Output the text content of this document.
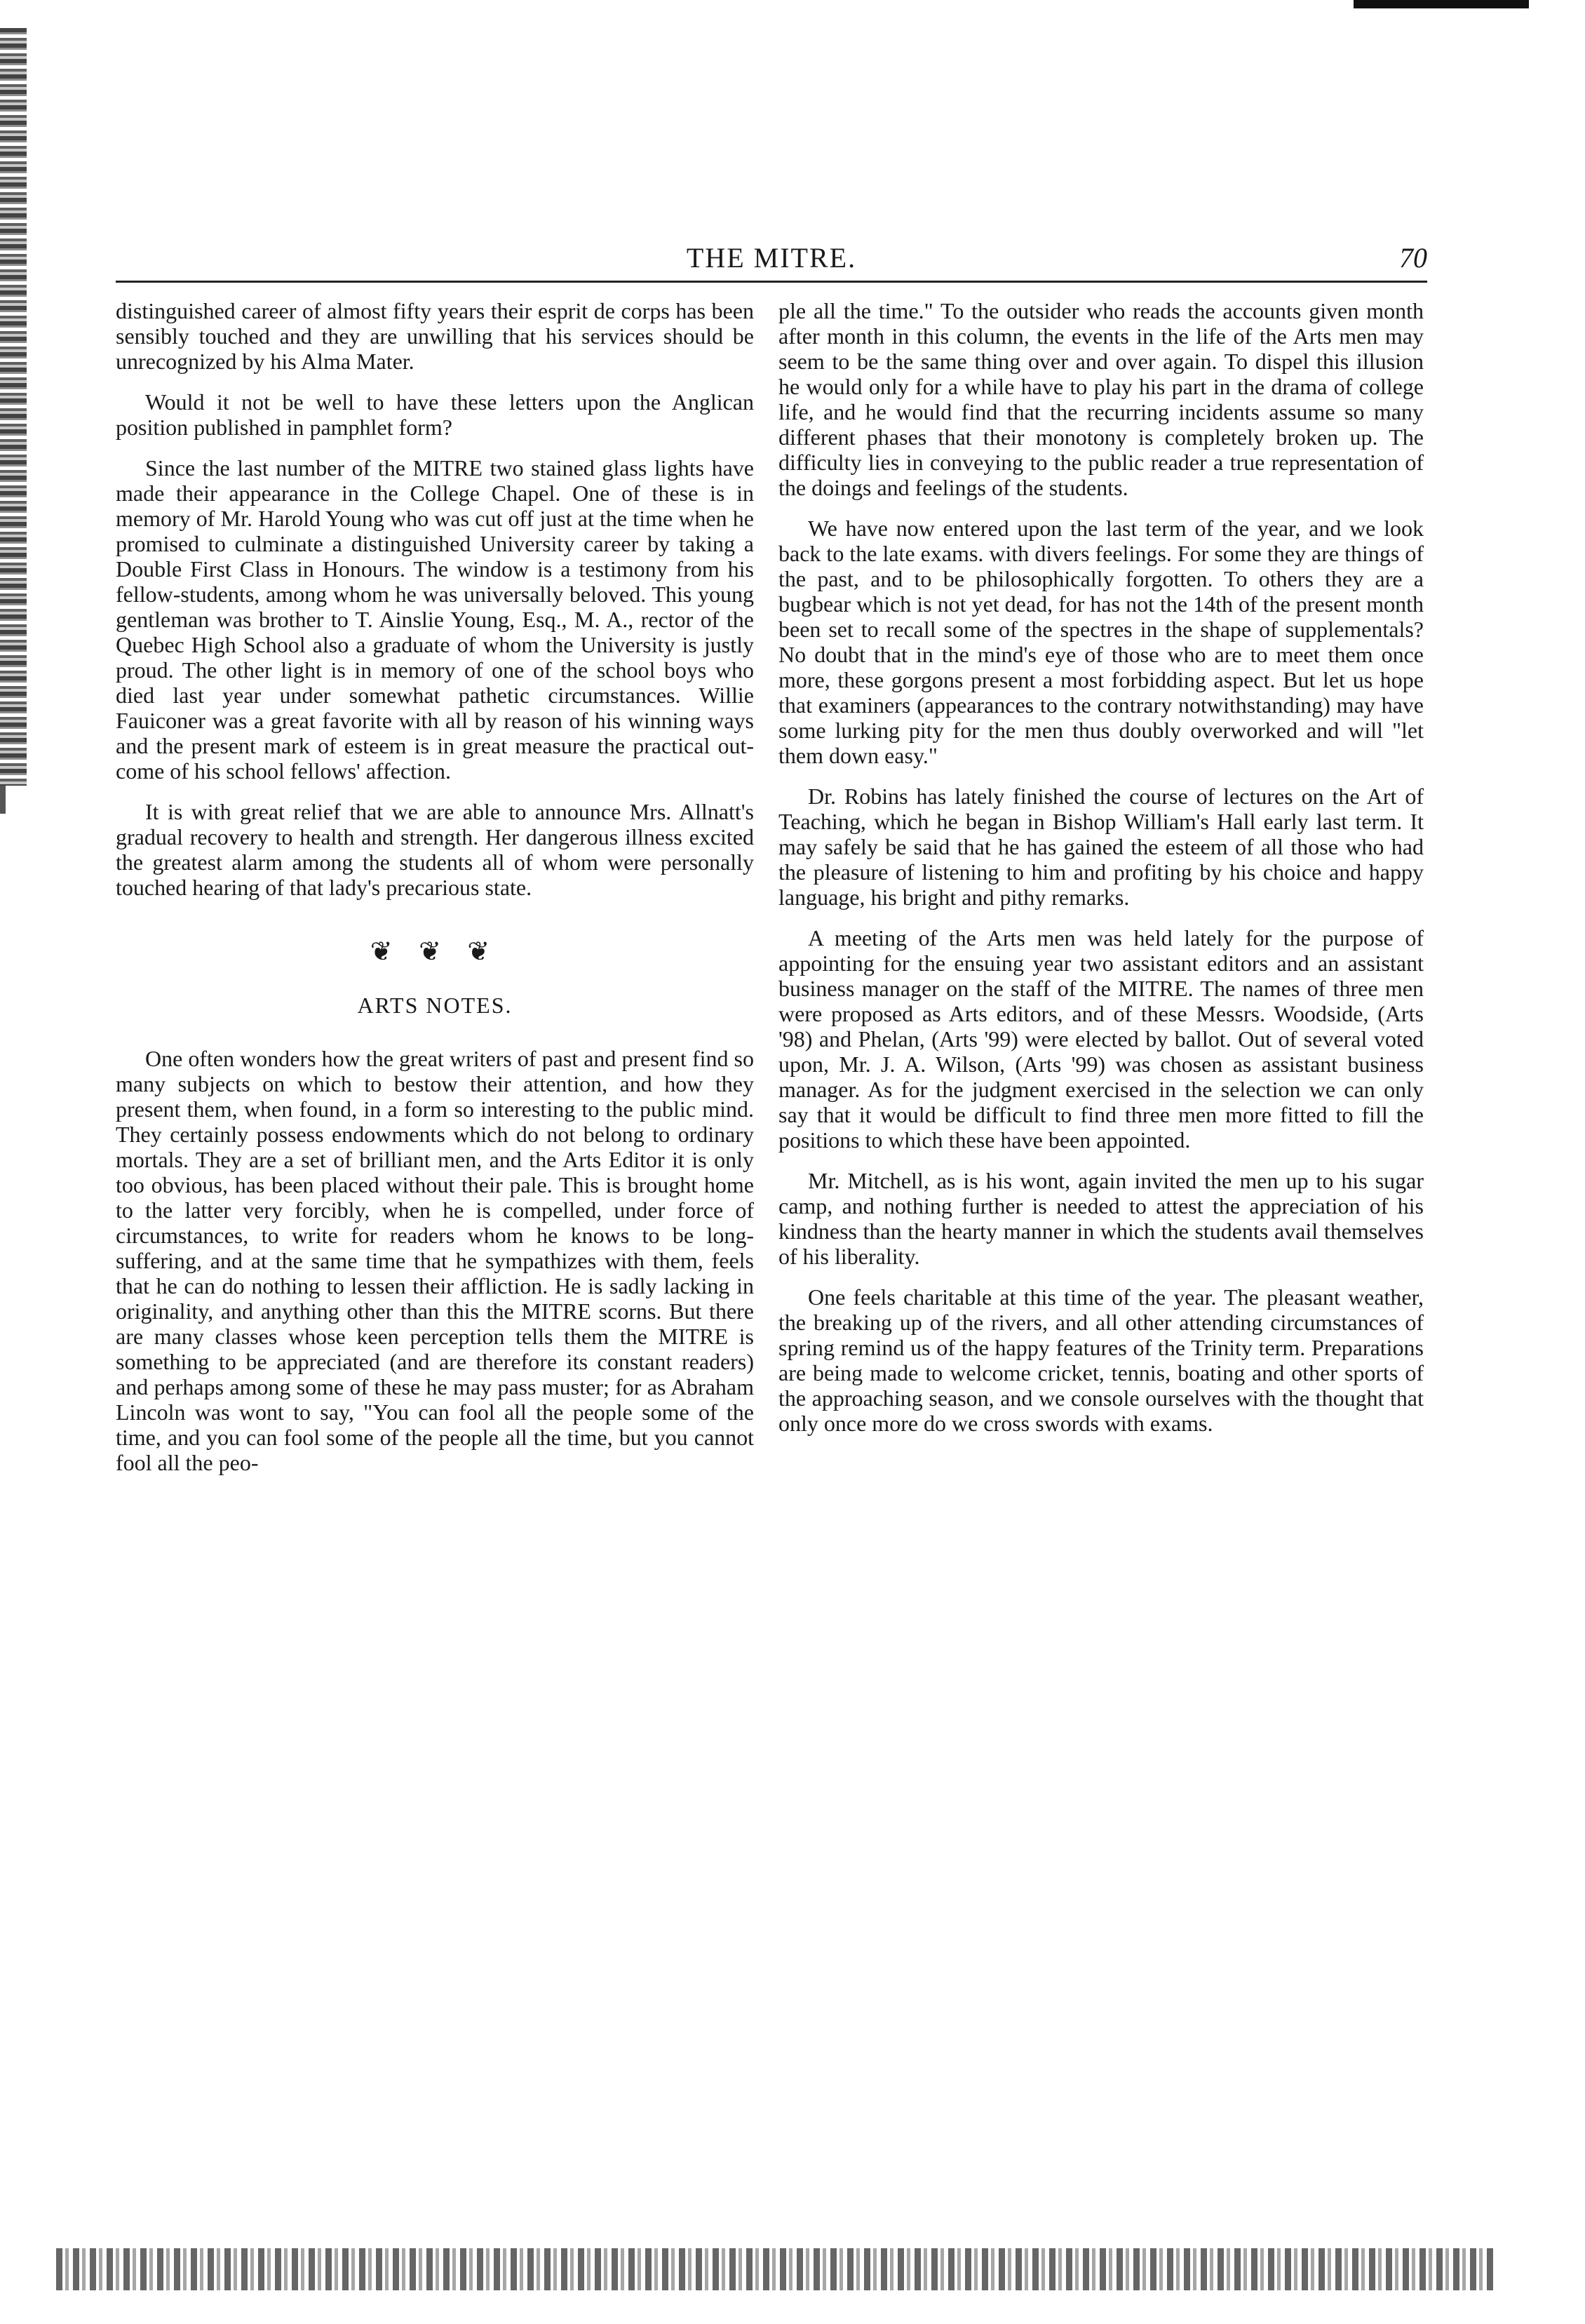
THE MITRE.	70

distinguished career of almost fifty years their esprit de corps has been sensibly touched and they are unwilling that his services should be unrecognized by his Alma Mater.

Would it not be well to have these letters upon the Anglican position published in pamphlet form?

Since the last number of the MITRE two stained glass lights have made their appearance in the College Chapel. One of these is in memory of Mr. Harold Young who was cut off just at the time when he promised to culminate a distinguished University career by taking a Double First Class in Honours. The window is a testimony from his fellow-students, among whom he was universally beloved. This young gentleman was brother to T. Ainslie Young, Esq., M. A., rector of the Quebec High School also a graduate of whom the University is justly proud. The other light is in memory of one of the school boys who died last year under somewhat pathetic circumstances. Willie Fauiconer was a great favorite with all by reason of his winning ways and the present mark of esteem is in great measure the practical out-come of his school fellows' affection.

It is with great relief that we are able to announce Mrs. Allnatt's gradual recovery to health and strength. Her dangerous illness excited the greatest alarm among the students all of whom were personally touched hearing of that lady's precarious state.

❦ ❦ ❦
ARTS NOTES.

One often wonders how the great writers of past and present find so many subjects on which to bestow their attention, and how they present them, when found, in a form so interesting to the public mind. They certainly possess endowments which do not belong to ordinary mortals. They are a set of brilliant men, and the Arts Editor it is only too obvious, has been placed without their pale. This is brought home to the latter very forcibly, when he is compelled, under force of circumstances, to write for readers whom he knows to be long-suffering, and at the same time that he sympathizes with them, feels that he can do nothing to lessen their affliction. He is sadly lacking in originality, and anything other than this the MITRE scorns. But there are many classes whose keen perception tells them the MITRE is something to be appreciated (and are therefore its constant readers) and perhaps among some of these he may pass muster; for as Abraham Lincoln was wont to say, "You can fool all the people some of the time, and you can fool some of the people all the time, but you cannot fool all the peo-

ple all the time." To the outsider who reads the accounts given month after month in this column, the events in the life of the Arts men may seem to be the same thing over and over again. To dispel this illusion he would only for a while have to play his part in the drama of college life, and he would find that the recurring incidents assume so many different phases that their monotony is completely broken up. The difficulty lies in conveying to the public reader a true representation of the doings and feelings of the students.

We have now entered upon the last term of the year, and we look back to the late exams. with divers feelings. For some they are things of the past, and to be philosophically forgotten. To others they are a bugbear which is not yet dead, for has not the 14th of the present month been set to recall some of the spectres in the shape of supplementals? No doubt that in the mind's eye of those who are to meet them once more, these gorgons present a most forbidding aspect. But let us hope that examiners (appearances to the contrary notwithstanding) may have some lurking pity for the men thus doubly overworked and will "let them down easy."

Dr. Robins has lately finished the course of lectures on the Art of Teaching, which he began in Bishop William's Hall early last term. It may safely be said that he has gained the esteem of all those who had the pleasure of listening to him and profiting by his choice and happy language, his bright and pithy remarks.

A meeting of the Arts men was held lately for the purpose of appointing for the ensuing year two assistant editors and an assistant business manager on the staff of the MITRE. The names of three men were proposed as Arts editors, and of these Messrs. Woodside, (Arts '98) and Phelan, (Arts '99) were elected by ballot. Out of several voted upon, Mr. J. A. Wilson, (Arts '99) was chosen as assistant business manager. As for the judgment exercised in the selection we can only say that it would be difficult to find three men more fitted to fill the positions to which these have been appointed.

Mr. Mitchell, as is his wont, again invited the men up to his sugar camp, and nothing further is needed to attest the appreciation of his kindness than the hearty manner in which the students avail themselves of his liberality.

One feels charitable at this time of the year. The pleasant weather, the breaking up of the rivers, and all other attending circumstances of spring remind us of the happy features of the Trinity term. Preparations are being made to welcome cricket, tennis, boating and other sports of the approaching season, and we console ourselves with the thought that only once more do we cross swords with exams.
